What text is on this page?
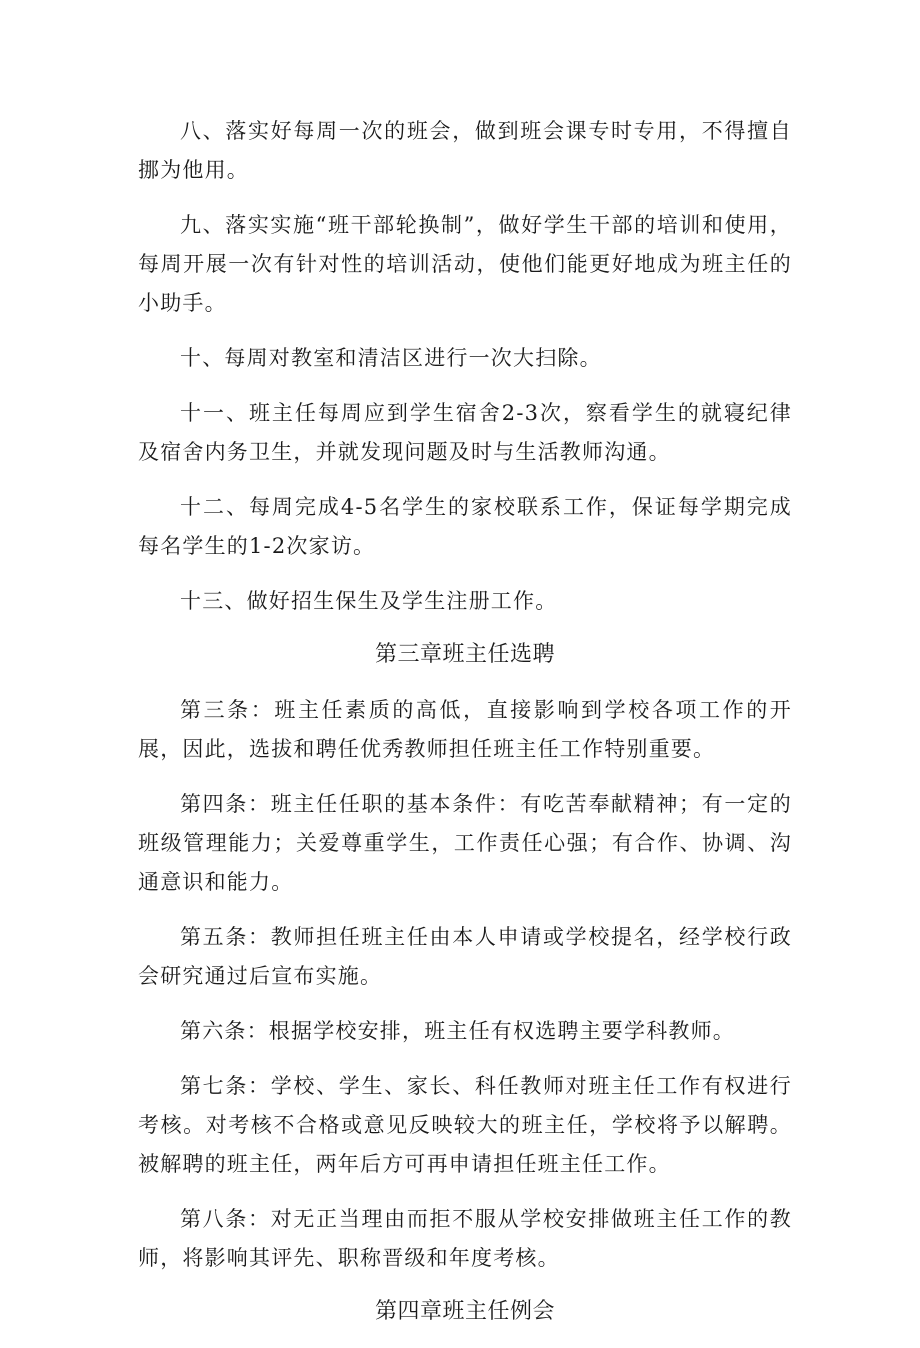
八、落实好每周一次的班会，做到班会课专时专用，不得擅自挪为他用。

九、落实实施“班干部轮换制”，做好学生干部的培训和使用，每周开展一次有针对性的培训活动，使他们能更好地成为班主任的小助手。

十、每周对教室和清洁区进行一次大扫除。

十一、班主任每周应到学生宿舍2-3次，察看学生的就寝纪律及宿舍内务卫生，并就发现问题及时与生活教师沟通。

十二、每周完成4-5名学生的家校联系工作，保证每学期完成每名学生的1-2次家访。

十三、做好招生保生及学生注册工作。

第三章班主任选聘

第三条：班主任素质的高低，直接影响到学校各项工作的开展，因此，选拔和聘任优秀教师担任班主任工作特别重要。

第四条：班主任任职的基本条件：有吃苦奉献精神；有一定的班级管理能力；关爱尊重学生，工作责任心强；有合作、协调、沟通意识和能力。

第五条：教师担任班主任由本人申请或学校提名，经学校行政会研究通过后宣布实施。

第六条：根据学校安排，班主任有权选聘主要学科教师。

第七条：学校、学生、家长、科任教师对班主任工作有权进行考核。对考核不合格或意见反映较大的班主任，学校将予以解聘。被解聘的班主任，两年后方可再申请担任班主任工作。

第八条：对无正当理由而拒不服从学校安排做班主任工作的教师，将影响其评先、职称晋级和年度考核。

第四章班主任例会
